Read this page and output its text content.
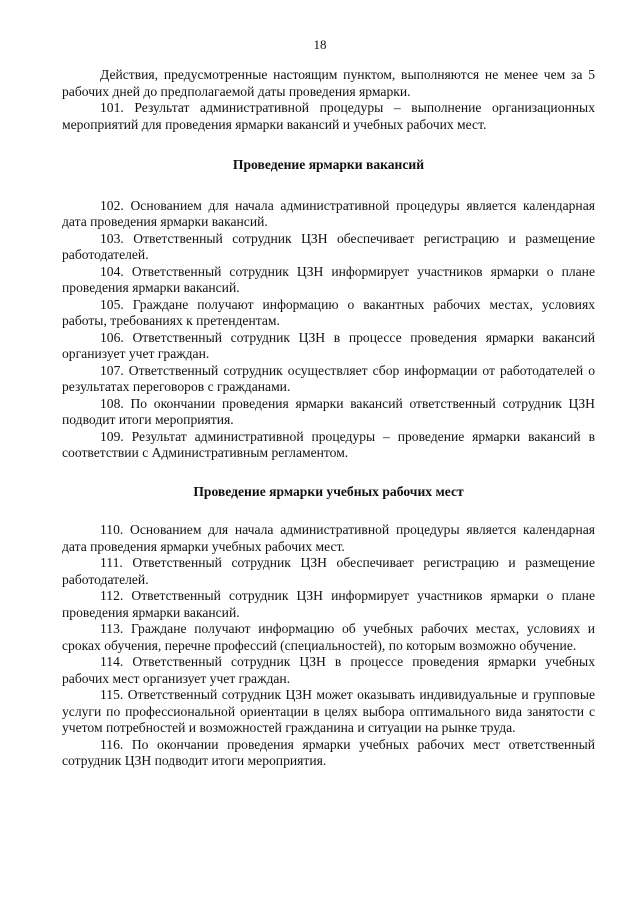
18

Действия, предусмотренные настоящим пунктом, выполняются не менее чем за 5 рабочих дней до предполагаемой даты проведения ярмарки.

101. Результат административной процедуры – выполнение организационных мероприятий для проведения ярмарки вакансий и учебных рабочих мест.

Проведение ярмарки вакансий

102. Основанием для начала административной процедуры является календарная дата проведения ярмарки вакансий.

103. Ответственный сотрудник ЦЗН обеспечивает регистрацию и размещение работодателей.

104. Ответственный сотрудник ЦЗН информирует участников ярмарки о плане проведения ярмарки вакансий.

105. Граждане получают информацию о вакантных рабочих местах, условиях работы, требованиях к претендентам.

106. Ответственный сотрудник ЦЗН в процессе проведения ярмарки вакансий организует учет граждан.

107. Ответственный сотрудник осуществляет сбор информации от работодателей о результатах переговоров с гражданами.

108. По окончании проведения ярмарки вакансий ответственный сотрудник ЦЗН подводит итоги мероприятия.

109. Результат административной процедуры – проведение ярмарки вакансий в соответствии с Административным регламентом.

Проведение ярмарки учебных рабочих мест

110. Основанием для начала административной процедуры является календарная дата проведения ярмарки учебных рабочих мест.

111. Ответственный сотрудник ЦЗН обеспечивает регистрацию и размещение работодателей.

112. Ответственный сотрудник ЦЗН информирует участников ярмарки о плане проведения ярмарки вакансий.

113. Граждане получают информацию об учебных рабочих местах, условиях и сроках обучения, перечне профессий (специальностей), по которым возможно обучение.

114. Ответственный сотрудник ЦЗН в процессе проведения ярмарки учебных рабочих мест организует учет граждан.

115. Ответственный сотрудник ЦЗН может оказывать индивидуальные и групповые услуги по профессиональной ориентации в целях выбора оптимального вида занятости с учетом потребностей и возможностей гражданина и ситуации на рынке труда.

116. По окончании проведения ярмарки учебных рабочих мест ответственный сотрудник ЦЗН подводит итоги мероприятия.
